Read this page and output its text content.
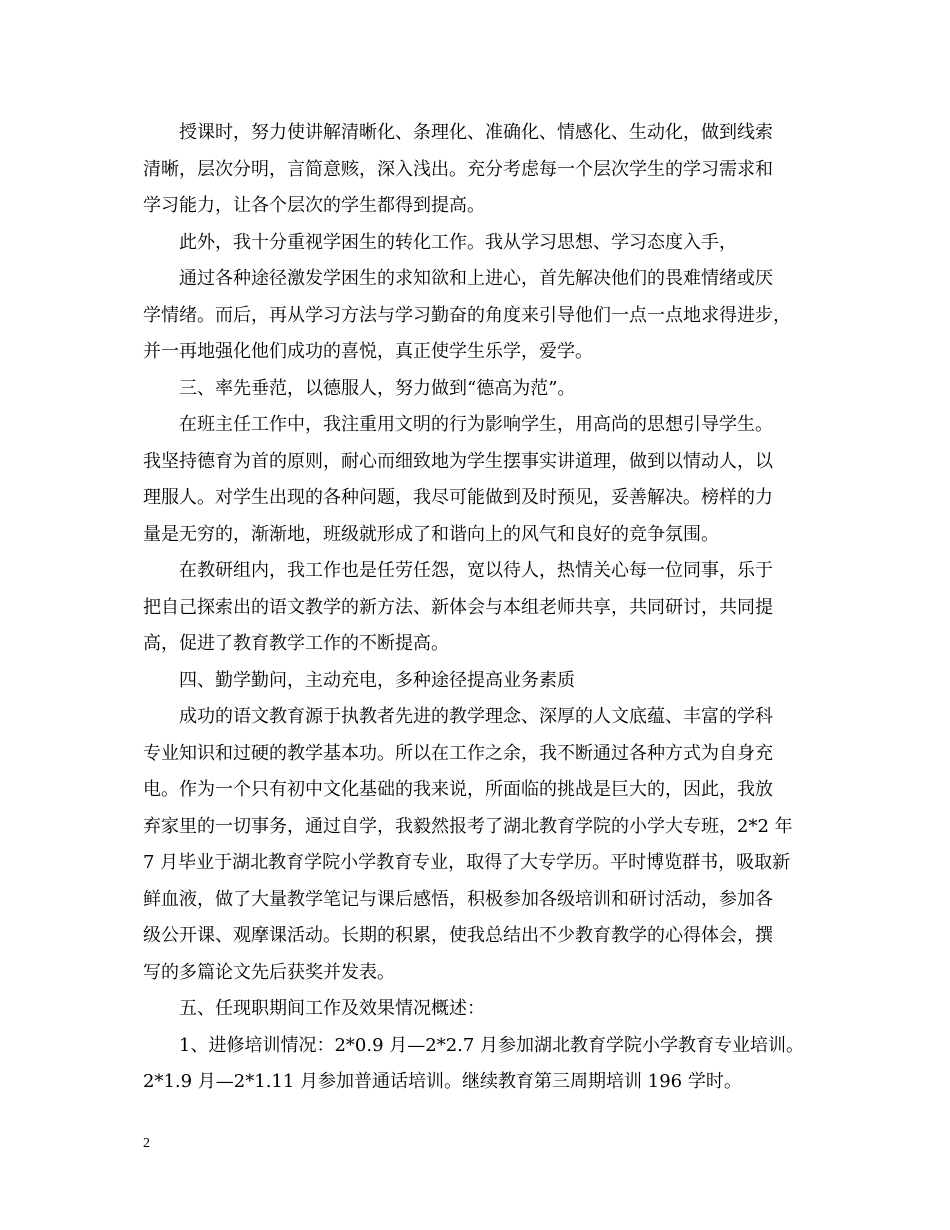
授课时，努力使讲解清晰化、条理化、准确化、情感化、生动化，做到线索
清晰，层次分明，言简意赅，深入浅出。充分考虑每一个层次学生的学习需求和
学习能力，让各个层次的学生都得到提高。
此外，我十分重视学困生的转化工作。我从学习思想、学习态度入手，
通过各种途径激发学困生的求知欲和上进心，首先解决他们的畏难情绪或厌
学情绪。而后，再从学习方法与学习勤奋的角度来引导他们一点一点地求得进步，
并一再地强化他们成功的喜悦，真正使学生乐学，爱学。
三、率先垂范，以德服人，努力做到“德高为范”。
在班主任工作中，我注重用文明的行为影响学生，用高尚的思想引导学生。
我坚持德育为首的原则，耐心而细致地为学生摆事实讲道理，做到以情动人，以
理服人。对学生出现的各种问题，我尽可能做到及时预见，妥善解决。榜样的力
量是无穷的，渐渐地，班级就形成了和谐向上的风气和良好的竞争氛围。
在教研组内，我工作也是任劳任怨，宽以待人，热情关心每一位同事，乐于
把自己探索出的语文教学的新方法、新体会与本组老师共享，共同研讨，共同提
高，促进了教育教学工作的不断提高。
四、勤学勤问，主动充电，多种途径提高业务素质
成功的语文教育源于执教者先进的教学理念、深厚的人文底蕴、丰富的学科
专业知识和过硬的教学基本功。所以在工作之余，我不断通过各种方式为自身充
电。作为一个只有初中文化基础的我来说，所面临的挑战是巨大的，因此，我放
弃家里的一切事务，通过自学，我毅然报考了湖北教育学院的小学大专班，2*2 年
7 月毕业于湖北教育学院小学教育专业，取得了大专学历。平时博览群书，吸取新
鲜血液，做了大量教学笔记与课后感悟，积极参加各级培训和研讨活动，参加各
级公开课、观摩课活动。长期的积累，使我总结出不少教育教学的心得体会，撰
写的多篇论文先后获奖并发表。
五、任现职期间工作及效果情况概述：
1、进修培训情况：2*0.9 月—2*2.7 月参加湖北教育学院小学教育专业培训。
2*1.9 月—2*1.11 月参加普通话培训。继续教育第三周期培训 196 学时。
2
